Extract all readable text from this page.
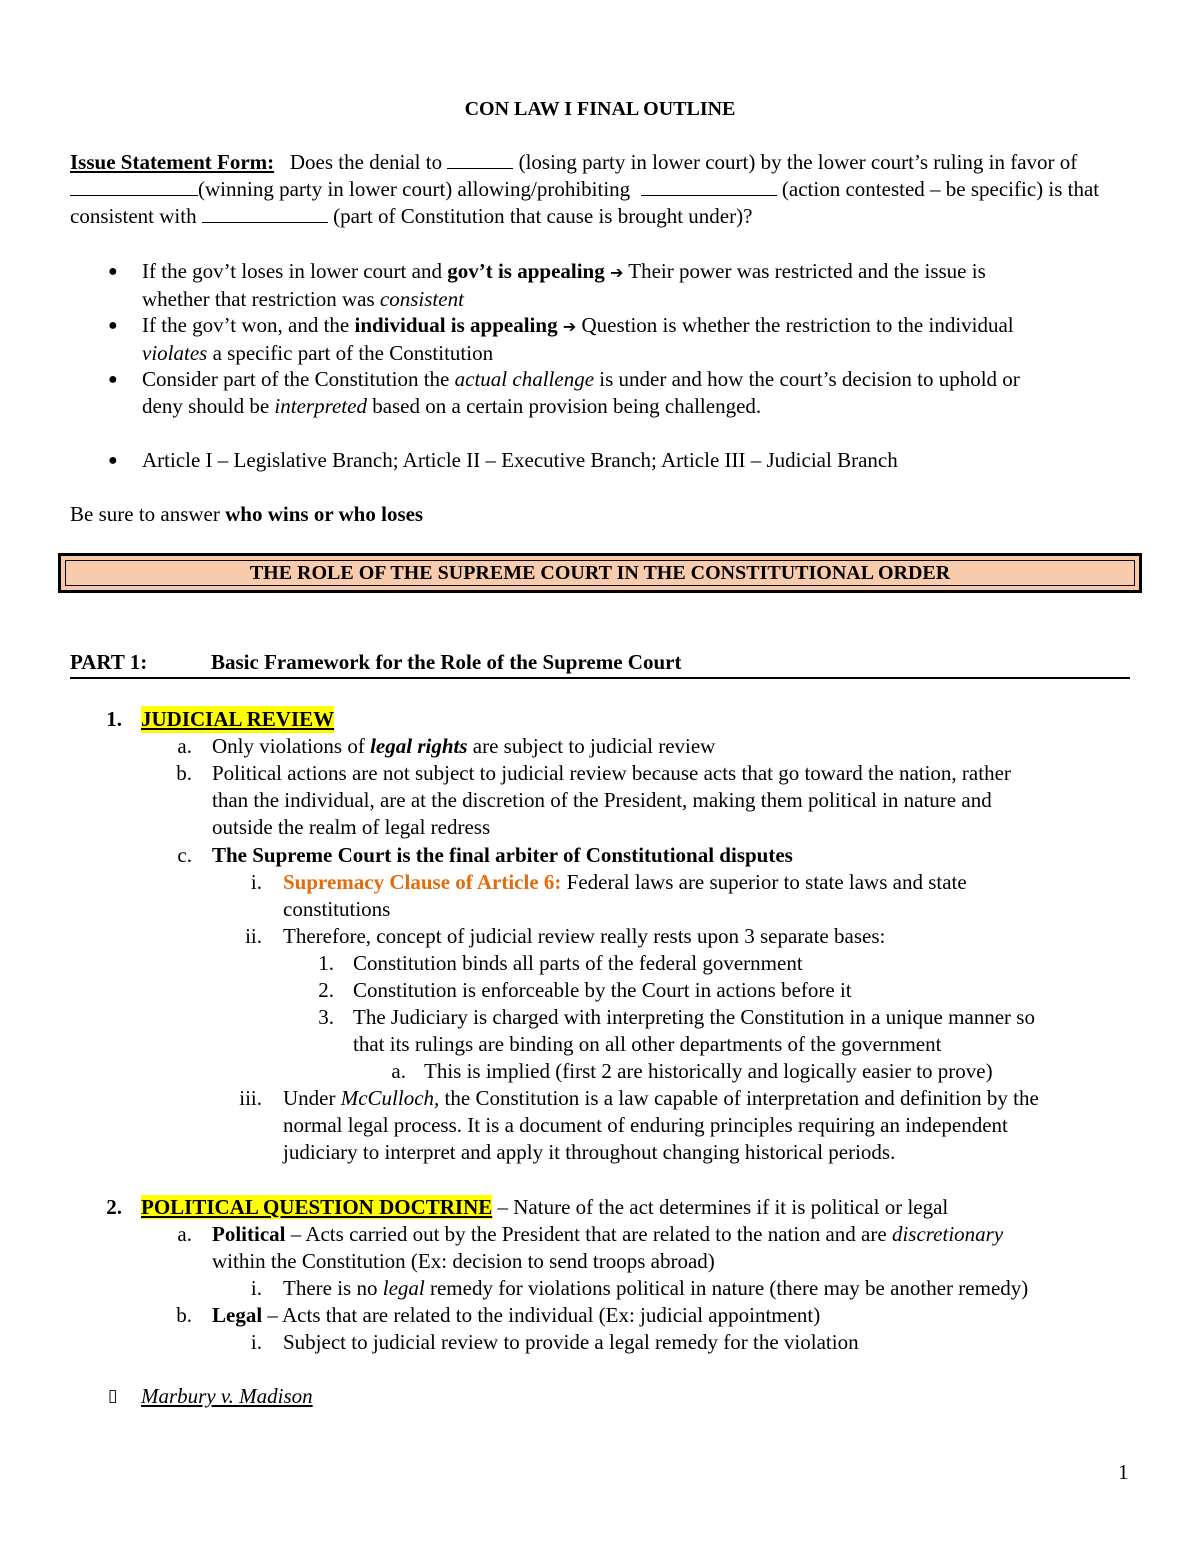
CON LAW I FINAL OUTLINE
Issue Statement Form: Does the denial to	(losing party in lower court) by the lower court’s ruling in favor of (winning party in lower court) allowing/prohibiting	(action contested – be specific) is that consistent with	(part of Constitution that cause is brought under)?
● If the gov’t loses in lower court and gov’t is appealing ➔ Their power was restricted and the issue is
whether that restriction was consistent
● If the gov’t won, and the individual is appealing ➔ Question is whether the restriction to the individual
violates a specific part of the Constitution
● Consider part of the Constitution the actual challenge is under and how the court’s decision to uphold or
deny should be interpreted based on a certain provision being challenged.
● Article I – Legislative Branch; Article II – Executive Branch; Article III – Judicial Branch
Be sure to answer who wins or who loses
THE ROLE OF THE SUPREME COURT IN THE CONSTITUTIONAL ORDER
PART 1:	Basic Framework for the Role of the Supreme Court
1. JUDICIAL REVIEW
a. Only violations of legal rights are subject to judicial review
b. Political actions are not subject to judicial review because acts that go toward the nation, rather
than the individual, are at the discretion of the President, making them political in nature and
outside the realm of legal redress
c. The Supreme Court is the final arbiter of Constitutional disputes
i. Supremacy Clause of Article 6: Federal laws are superior to state laws and state
constitutions
ii. Therefore, concept of judicial review really rests upon 3 separate bases:
1. Constitution binds all parts of the federal government
2. Constitution is enforceable by the Court in actions before it
3. The Judiciary is charged with interpreting the Constitution in a unique manner so
that its rulings are binding on all other departments of the government
a. This is implied (first 2 are historically and logically easier to prove)
iii. Under McCulloch, the Constitution is a law capable of interpretation and definition by the
normal legal process. It is a document of enduring principles requiring an independent
judiciary to interpret and apply it throughout changing historical periods.
2. POLITICAL QUESTION DOCTRINE – Nature of the act determines if it is political or legal
a. Political – Acts carried out by the President that are related to the nation and are discretionary
within the Constitution (Ex: decision to send troops abroad)
i. There is no legal remedy for violations political in nature (there may be another remedy)
b. Legal – Acts that are related to the individual (Ex: judicial appointment)
i. Subject to judicial review to provide a legal remedy for the violation
▯ Marbury v. Madison
1
